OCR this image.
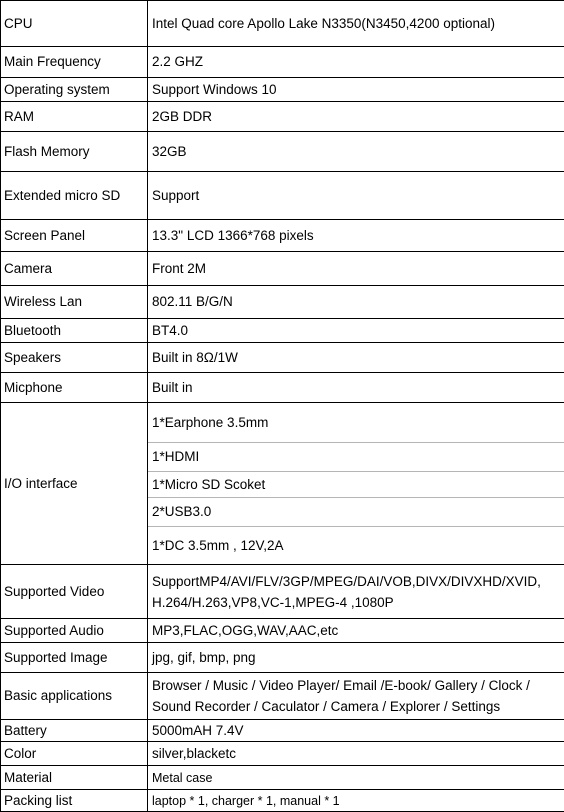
CPU	Intel Quad core Apollo Lake N3350(N3450,4200 optional)
Main Frequency	2.2 GHZ
Operating system	Support Windows 10
RAM	2GB DDR
Flash Memory	32GB
Extended micro SD	Support
Screen Panel	13.3" LCD 1366*768 pixels
Camera	Front 2M
Wireless Lan	802.11 B/G/N
Bluetooth	BT4.0
Speakers	Built in 8Ω/1W
Micphone	Built in
I/O interface	1*Earphone 3.5mm
	1*HDMI
	1*Micro SD Scoket
	2*USB3.0
	1*DC 3.5mm , 12V,2A
Supported Video	SupportMP4/AVI/FLV/3GP/MPEG/DAI/VOB,DIVX/DIVXHD/XVID, H.264/H.263,VP8,VC-1,MPEG-4 ,1080P
Supported Audio	MP3,FLAC,OGG,WAV,AAC,etc
Supported Image	jpg, gif, bmp, png
Basic applications	Browser / Music / Video Player/ Email /E-book/ Gallery / Clock / Sound Recorder / Caculator / Camera / Explorer / Settings
Battery	5000mAH 7.4V
Color	silver,blacketc
Material	Metal case
Packing list	laptop * 1, charger * 1, manual * 1
